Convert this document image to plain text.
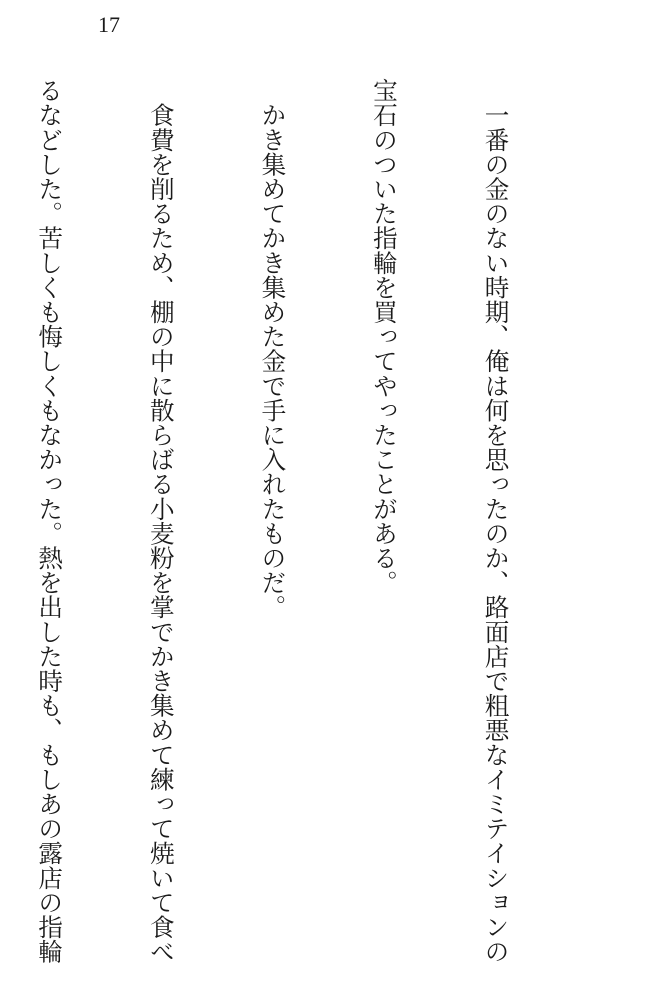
17

　一番の金のない時期、俺は何を思ったのか、路面店で粗悪なイミテイションの

宝石のついた指輪を買ってやったことがある。

　かき集めてかき集めた金で手に入れたものだ。

　食費を削るため、棚の中に散らばる小麦粉を掌でかき集めて練って焼いて食べ

るなどした。苦しくも悔しくもなかった。熱を出した時も、もしあの露店の指輪
